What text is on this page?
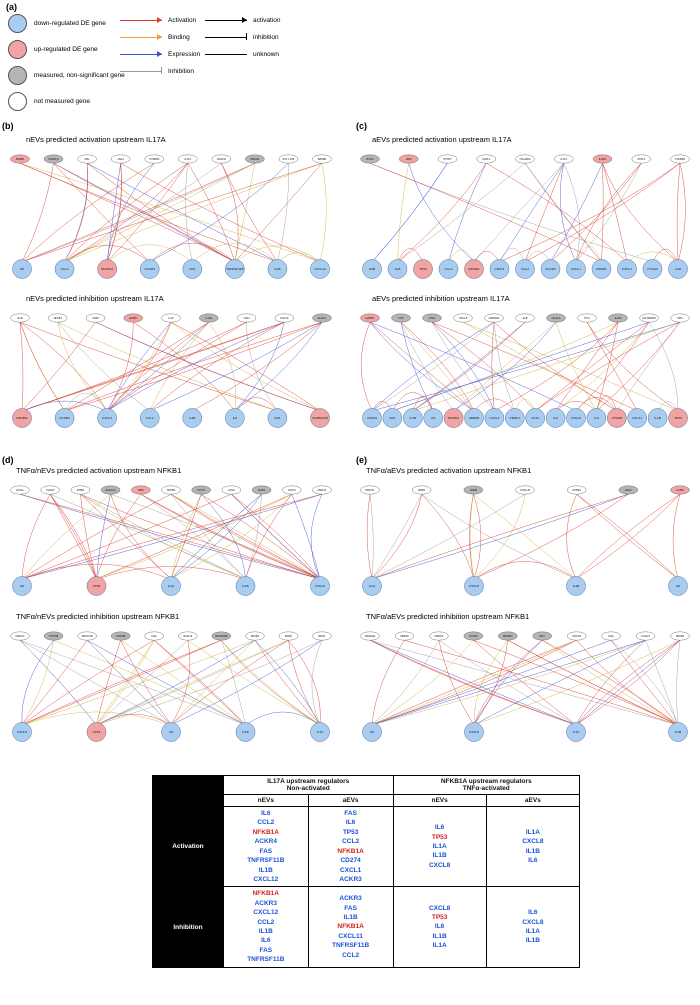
(a)
down-regulated DE gene
up-regulated DE gene
measured, non-significant gene
not measured gene
Activation
Binding
Expression
Inhibition
activation
inhibition
unknown
(b)	(c)
(d)	(e)
nEVs predicted activation upstream IL17A
nEVs predicted inhibition upstream IL17A
aEVs predicted activation upstream IL17A
aEVs predicted inhibition upstream IL17A
TNFα/nEVs predicted activation upstream NFKB1
TNFα/nEVs predicted inhibition upstream NFKB1
TNFα/aEVs predicted activation upstream NFKB1
TNFα/aEVs predicted inhibition upstream NFKB1
MSMB	PGR2(1)	PRL	JAG1	TGFBR3	IL17A	CRACD	SMAD4	IFN Y-155	BAMBI
IL6	CCL2	NFKB1A	ACKR3	FAS	TNFRSF11B	IL1B	CXCL12
ALB	NFKB1	CD40	HAMP1	IL10	IL19A	TLR4	FGF10	GLIAL1
NFKBIA	ACKR3	CXCL1	CCL2	IL1B	IL6	FAS	PGRMC1B
BTG2	IRF8	PTPN7	MVIF1	TSC22D3	IL17A	IL1RN	STAT2	TGFBR2
FAB	ALB	TP53	CCL2	NFKBIA	CD274	CCL2	ACKR3	CXCL1	PRNP1	CXCL1	PTGS2	IL18
HAMP1	FOX	ATF4	CXCL8	HNRNPA	ALB	GLIAL1	PTH	IL19A	HIF-NBCB1	SRC
ACKR1	FAS	IL1B	IL6	NFKBIA	CEBPB	CXCL1	PRNP1	CCL2	IL6	CXCL8	IL6	TPSAB	CXCL1	IL1B	TP53
IFNA1	VLDLR	IFNB1	EGF1(1)	IRF8	NFKB1	MYCN	CD24	EGR1	STAT2	MAPK1
IL6	TP53	IL1A	IL1B	CXCL8
MAPC2	STAT5B	MAPC1B	STAT5B	HGF	IFNA-III	IFNGRMM	NFKB1	EDNF	EDN1
CXCL8	TP53	IL6	IL1B	IL1A
DNMT1	IFNB1	HSNB	KXSC-B	NFKB1	EZH2	IL1RN
IL1A	CXCL8	IL1B	IL6
HIF2E(E)	UBE3C	MAPK2	COG25	ABCB37	DDT	CDC1N	HGF	COG27	NFKB1
IL6	CXCL8	IL1A	IL1B

IL17A upstream regulators
Non-activated

NFKB1A upstream regulators
TNFα-activated

	nEVs	aEVs	nEVs	aEVs
Activation	
IL6
CCL2
NFKB1A
ACKR4
FAS
TNFRSF11B
IL1B
CXCL12

FAS
IL6
TP53
CCL2
NFKB1A
CD274
CXCL1
ACKR3

IL6
TP53
IL1A
IL1B
CXCL8

IL1A
CXCL8
IL1B
IL6

Inhibition	
NFKB1A
ACKR3
CXCL12
CCL2
IL1B
IL6
FAS
TNFRSF11B

ACKR3
FAS
IL1B
NFKB1A
CXCL11
TNFRSF11B
CCL2

CXCL8
TP53
IL6
IL1B
IL1A

IL6
CXCL8
IL1A
IL1B
